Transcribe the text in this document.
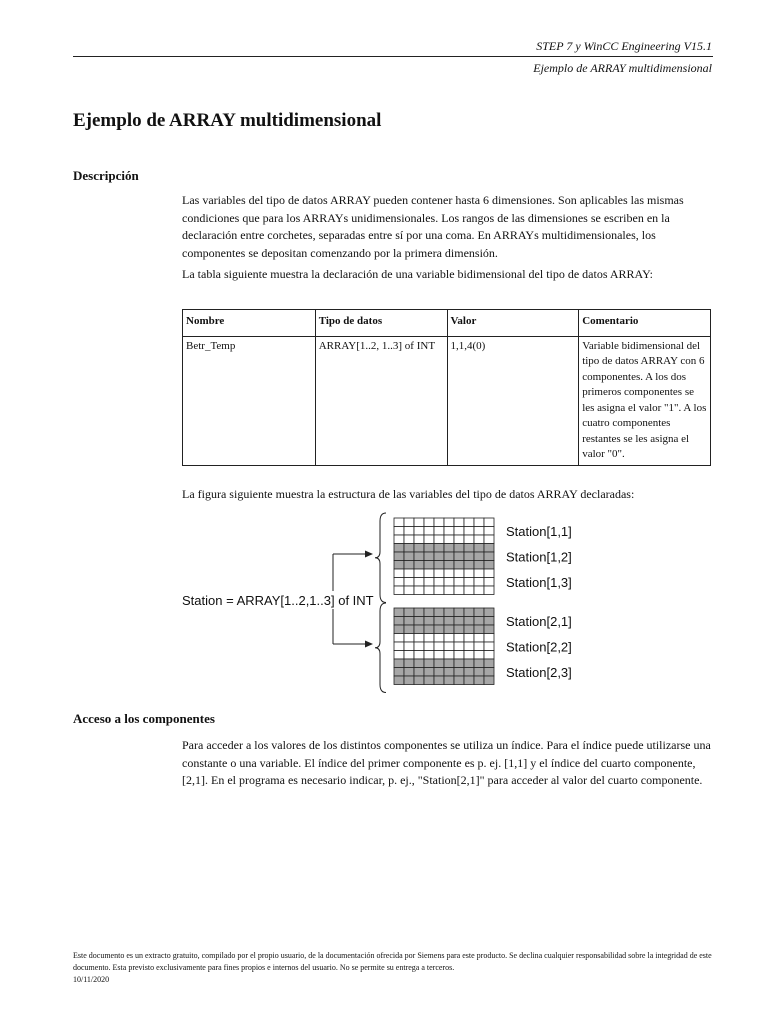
STEP 7 y WinCC Engineering V15.1
Ejemplo de ARRAY multidimensional
Ejemplo de ARRAY multidimensional
Descripción

Las variables del tipo de datos ARRAY pueden contener hasta 6 dimensiones. Son aplicables las mismas condiciones que para los ARRAYs unidimensionales. Los rangos de las dimensiones se escriben en la declaración entre corchetes, separadas entre sí por una coma. En ARRAYs multidimensionales, los componentes se depositan comenzando por la primera dimensión.

La tabla siguiente muestra la declaración de una variable bidimensional del tipo de datos ARRAY:

Nombre	Tipo de datos	Valor	Comentario
Betr_Temp	ARRAY[1..2, 1..3] of INT	1,1,4(0)	Variable bidimensional del tipo de datos ARRAY con 6 componentes. A los dos primeros componentes se les asigna el valor "1". A los cuatro componentes restantes se les asigna el valor "0".

La figura siguiente muestra la estructura de las variables del tipo de datos ARRAY declaradas:

Station[1,1]
Station[1,2]
Station[1,3]
Station[2,1]
Station[2,2]
Station[2,3]
Station = ARRAY[1..2,1..3] of INT
Acceso a los componentes

Para acceder a los valores de los distintos componentes se utiliza un índice. Para el índice puede utilizarse una constante o una variable. El índice del primer componente es p. ej. [1,1] y el índice del cuarto componente, [2,1]. En el programa es necesario indicar, p. ej., "Station[2,1]" para acceder al valor del cuarto componente.

Este documento es un extracto gratuito, compilado por el propio usuario, de la documentación ofrecida por Siemens para este producto. Se declina cualquier responsabilidad sobre la integridad de este documento. Esta previsto exclusivamente para fines propios e internos del usuario. No se permite su entrega a terceros.
10/11/2020
